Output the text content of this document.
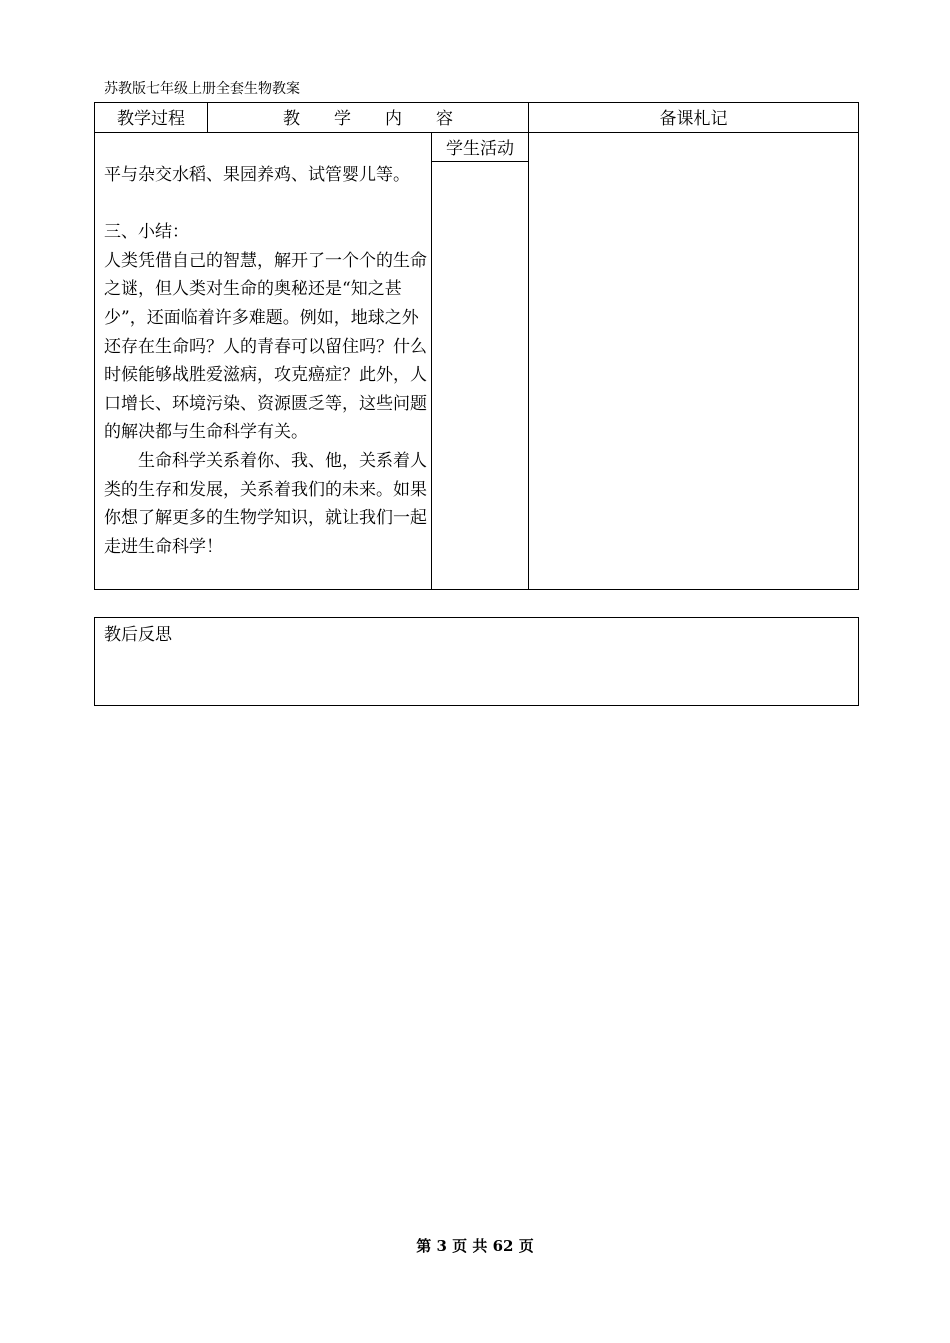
苏教版七年级上册全套生物教案
教学过程	教　　学　　内　　容	备课札记
学生活动

平与杂交水稻、果园养鸡、试管婴儿等。

三、小结：

人类凭借自己的智慧，解开了一个个的生命之谜，但人类对生命的奥秘还是“知之甚少”，还面临着许多难题。例如，地球之外还存在生命吗？人的青春可以留住吗？什么时候能够战胜爱滋病，攻克癌症？此外，人口增长、环境污染、资源匮乏等，这些问题的解决都与生命科学有关。

生命科学关系着你、我、他，关系着人类的生存和发展，关系着我们的未来。如果你想了解更多的生物学知识，就让我们一起走进生命科学！

教后反思
第 3 页 共 62 页
